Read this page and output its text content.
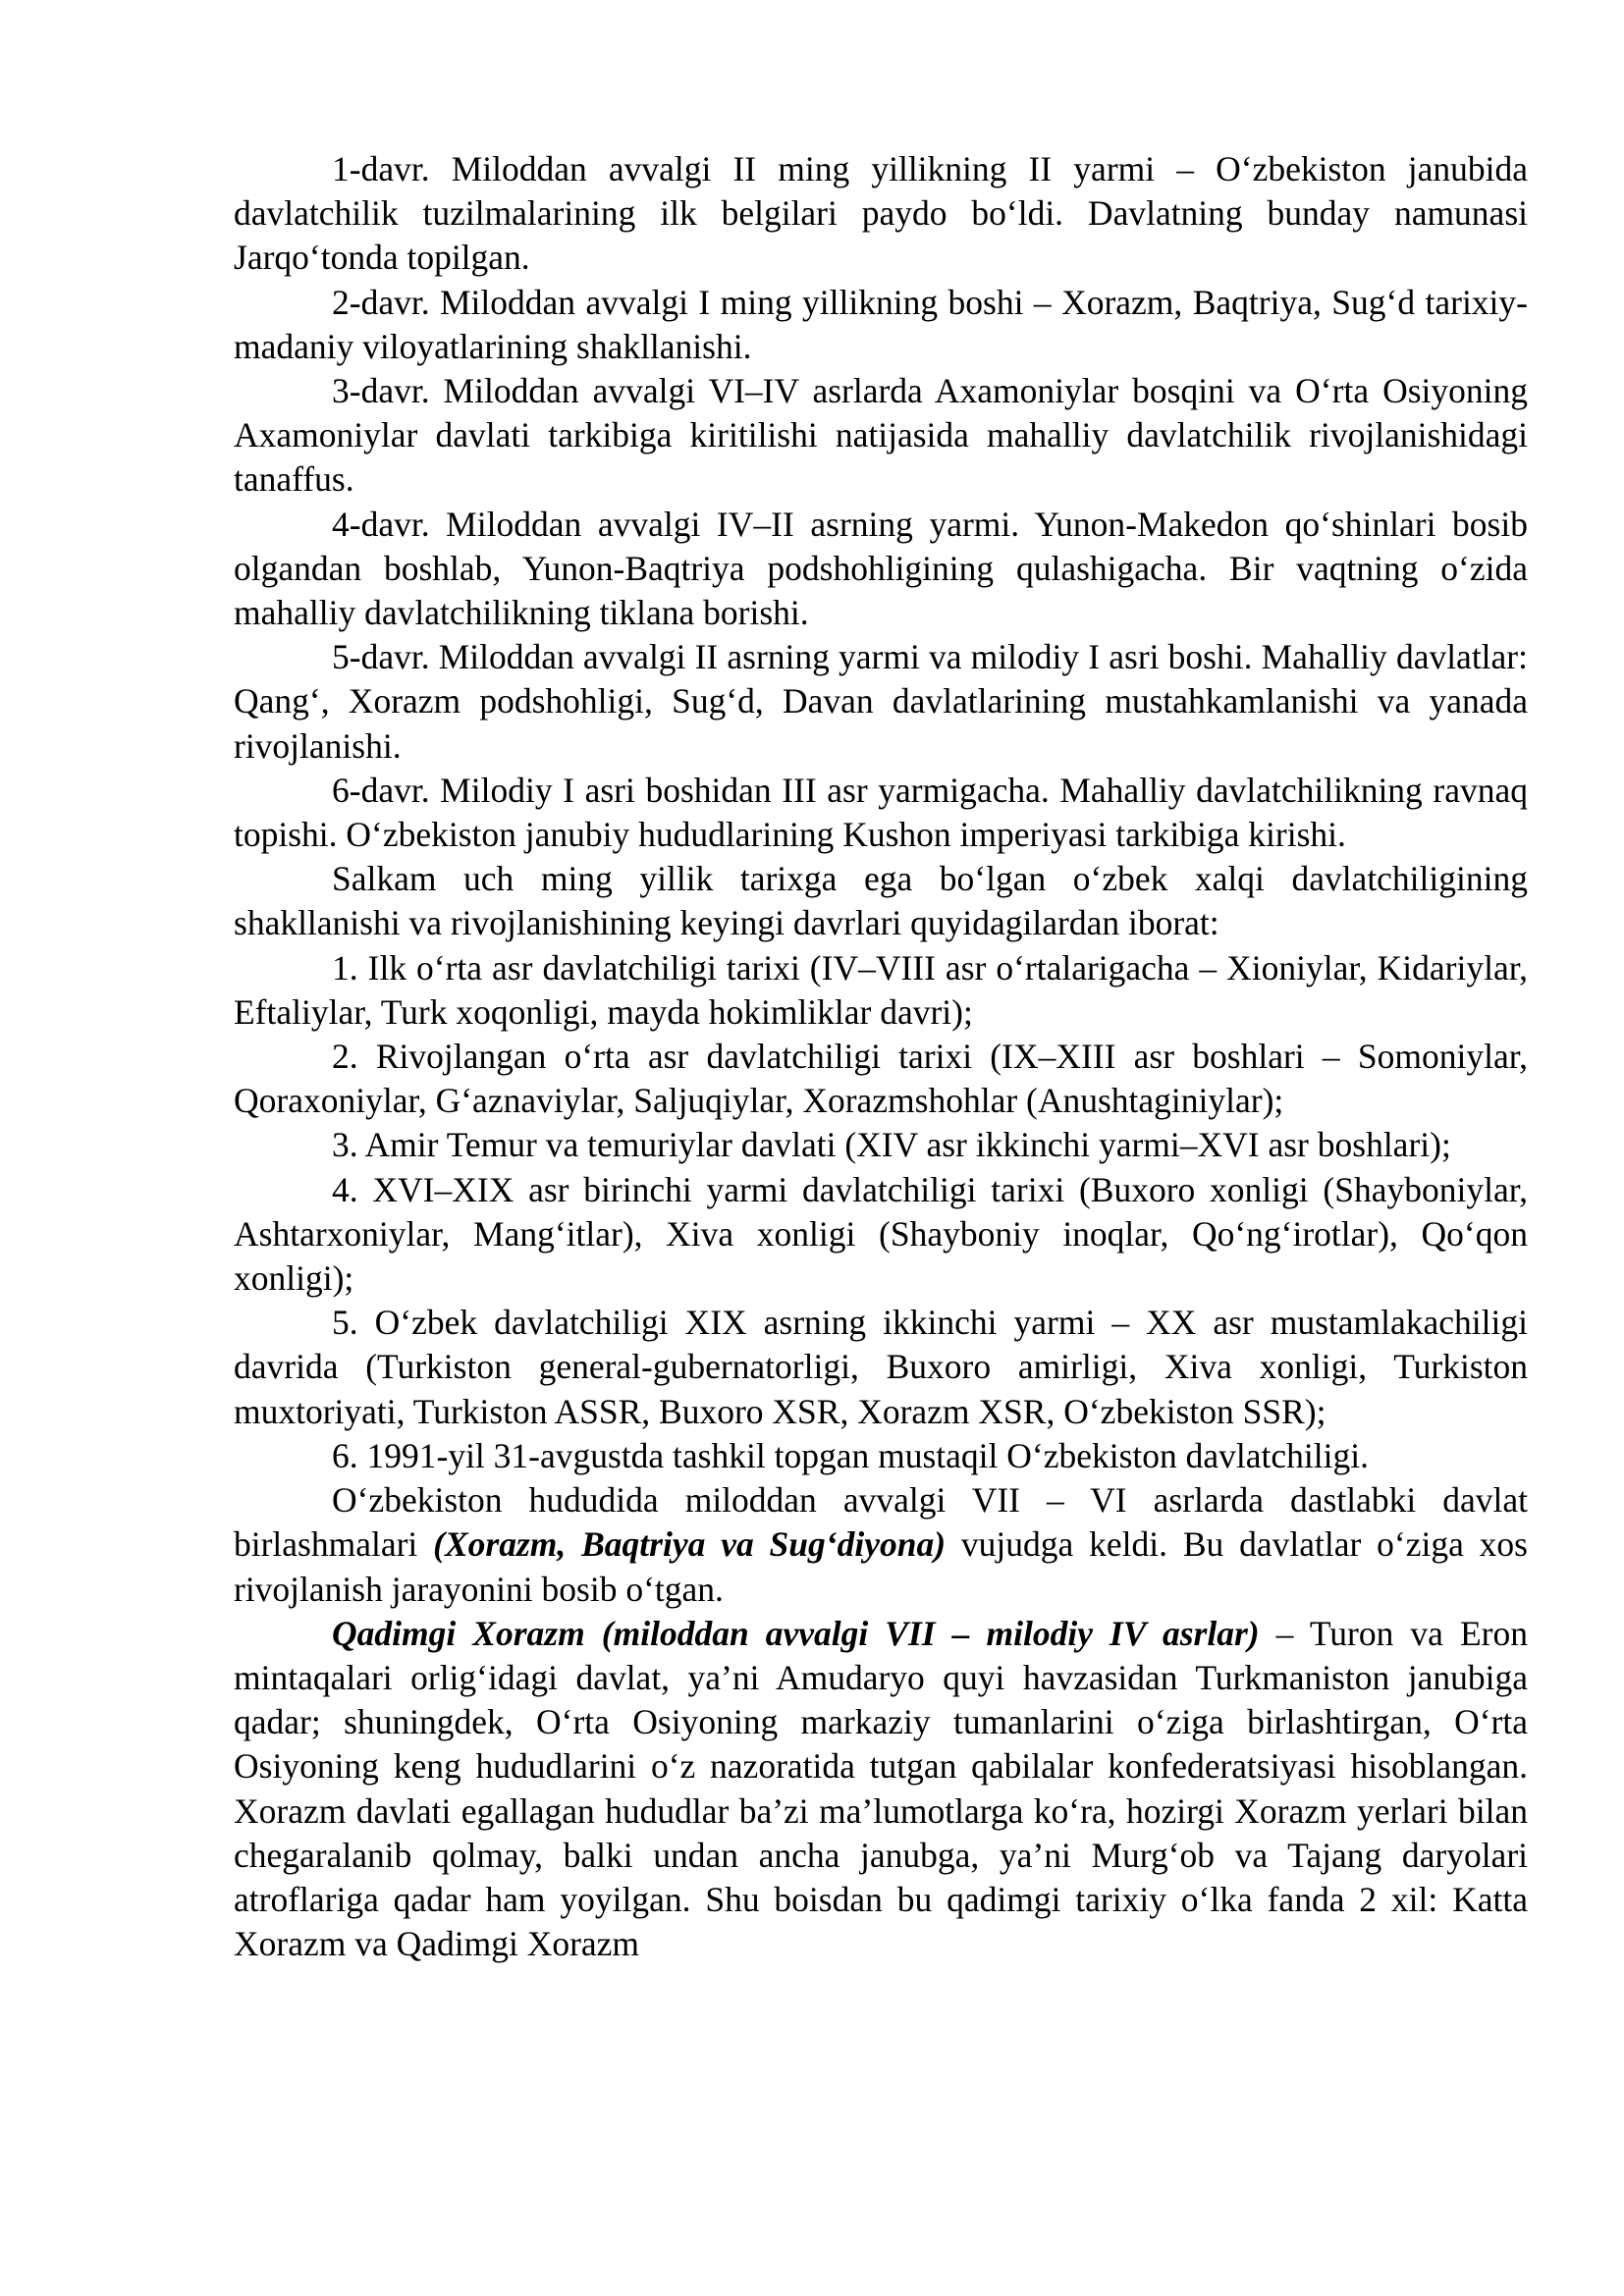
1-davr. Miloddan avvalgi II ming yillikning II yarmi – O‘zbekiston janubida davlatchilik tuzilmalarining ilk belgilari paydo bo‘ldi. Davlatning bunday namunasi Jarqo‘tonda topilgan.

2-davr. Miloddan avvalgi I ming yillikning boshi – Xorazm, Baqtriya, Sug‘d tarixiy-madaniy viloyatlarining shakllanishi.

3-davr. Miloddan avvalgi VI–IV asrlarda Axamoniylar bosqini va O‘rta Osiyoning Axamoniylar davlati tarkibiga kiritilishi natijasida mahalliy davlatchilik rivojlanishidagi tanaffus.

4-davr. Miloddan avvalgi IV–II asrning yarmi. Yunon-Makedon qo‘shinlari bosib olgandan boshlab, Yunon-Baqtriya podshohligining qulashigacha. Bir vaqtning o‘zida mahalliy davlatchilikning tiklana borishi.

5-davr. Miloddan avvalgi II asrning yarmi va milodiy I asri boshi. Mahalliy davlatlar: Qang‘, Xorazm podshohligi, Sug‘d, Davan davlatlarining mustahkamlanishi va yanada rivojlanishi.

6-davr. Milodiy I asri boshidan III asr yarmigacha. Mahalliy davlatchilikning ravnaq topishi. O‘zbekiston janubiy hududlarining Kushon imperiyasi tarkibiga kirishi.

Salkam uch ming yillik tarixga ega bo‘lgan o‘zbek xalqi davlatchiligining shakllanishi va rivojlanishining keyingi davrlari quyidagilardan iborat:

1. Ilk o‘rta asr davlatchiligi tarixi (IV–VIII asr o‘rtalarigacha – Xioniylar, Kidariylar, Eftaliylar, Turk xoqonligi, mayda hokimliklar davri);

2. Rivojlangan o‘rta asr davlatchiligi tarixi (IX–XIII asr boshlari – Somoniylar, Qoraxoniylar, G‘aznaviylar, Saljuqiylar, Xorazmshohlar (Anushtaginiylar);

3. Amir Temur va temuriylar davlati (XIV asr ikkinchi yarmi–XVI asr boshlari);

4. XVI–XIX asr birinchi yarmi davlatchiligi tarixi (Buxoro xonligi (Shayboniylar, Ashtarxoniylar, Mang‘itlar), Xiva xonligi (Shayboniy inoqlar, Qo‘ng‘irotlar), Qo‘qon xonligi);

5. O‘zbek davlatchiligi XIX asrning ikkinchi yarmi – XX asr mustamlakachiligi davrida (Turkiston general-gubernatorligi, Buxoro amirligi, Xiva xonligi, Turkiston muxtoriyati, Turkiston ASSR, Buxoro XSR, Xorazm XSR, O‘zbekiston SSR);

6. 1991-yil 31-avgustda tashkil topgan mustaqil O‘zbekiston davlatchiligi.

O‘zbekiston hududida miloddan avvalgi VII – VI asrlarda dastlabki davlat birlashmalari (Xorazm, Baqtriya va Sug‘diyona) vujudga keldi. Bu davlatlar o‘ziga xos rivojlanish jarayonini bosib o‘tgan.

Qadimgi Xorazm (miloddan avvalgi VII – milodiy IV asrlar) – Turon va Eron mintaqalari orlig‘idagi davlat, ya’ni Amudaryo quyi havzasidan Turkmaniston janubiga qadar; shuningdek, O‘rta Osiyoning markaziy tumanlarini o‘ziga birlashtirgan, O‘rta Osiyoning keng hududlarini o‘z nazoratida tutgan qabilalar konfederatsiyasi hisoblangan. Xorazm davlati egallagan hududlar ba’zi ma’lumotlarga ko‘ra, hozirgi Xorazm yerlari bilan chegaralanib qolmay, balki undan ancha janubga, ya’ni Murg‘ob va Tajang daryolari atroflariga qadar ham yoyilgan. Shu boisdan bu qadimgi tarixiy o‘lka fanda 2 xil: Katta Xorazm va Qadimgi Xorazm
